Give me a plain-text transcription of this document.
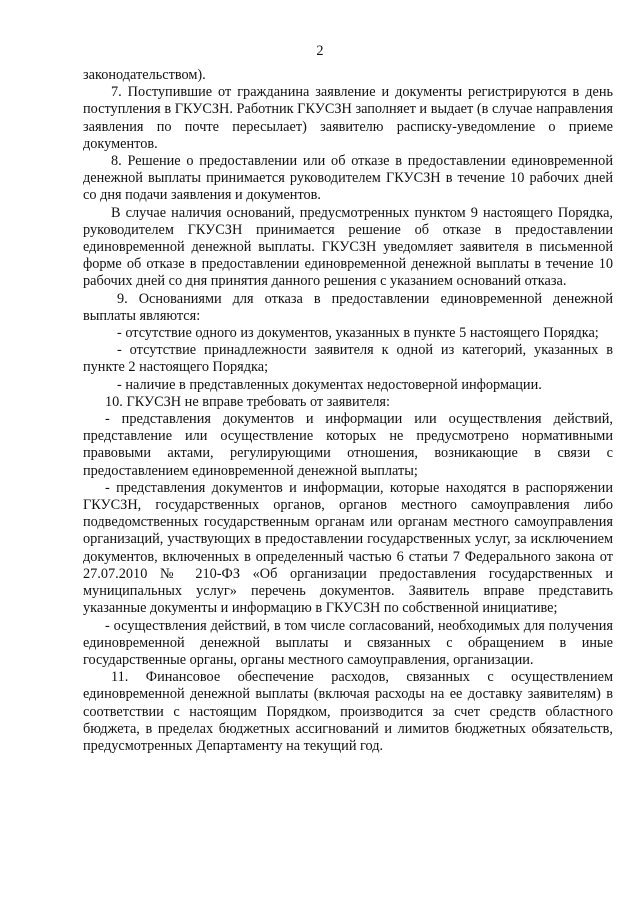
2

законодательством).

7. Поступившие от гражданина заявление и документы регистрируются в день поступления в ГКУСЗН. Работник ГКУСЗН заполняет и выдает (в случае направления заявления по почте пересылает) заявителю расписку-уведомление о приеме документов.

8. Решение о предоставлении или об отказе в предоставлении единовременной денежной выплаты принимается руководителем ГКУСЗН в течение 10 рабочих дней со дня подачи заявления и документов.

В случае наличия оснований, предусмотренных пунктом 9 настоящего Порядка, руководителем ГКУСЗН принимается решение об отказе в предоставлении единовременной денежной выплаты. ГКУСЗН уведомляет заявителя в письменной форме об отказе в предоставлении единовременной денежной выплаты в течение 10 рабочих дней со дня принятия данного решения с указанием оснований отказа.

9. Основаниями для отказа в предоставлении единовременной денежной выплаты являются:

- отсутствие одного из документов, указанных в пункте 5 настоящего Порядка;

- отсутствие принадлежности заявителя к одной из категорий, указанных в пункте 2 настоящего Порядка;

- наличие в представленных документах недостоверной информации.

10. ГКУСЗН не вправе требовать от заявителя:

- представления документов и информации или осуществления действий, представление или осуществление которых не предусмотрено нормативными правовыми актами, регулирующими отношения, возникающие в связи с предоставлением единовременной денежной выплаты;

- представления документов и информации, которые находятся в распоряжении ГКУСЗН, государственных органов, органов местного самоуправления либо подведомственных государственным органам или органам местного самоуправления организаций, участвующих в предоставлении государственных услуг, за исключением документов, включенных в определенный частью 6 статьи 7 Федерального закона от 27.07.2010 № 210-ФЗ «Об организации предоставления государственных и муниципальных услуг» перечень документов. Заявитель вправе представить указанные документы и информацию в ГКУСЗН по собственной инициативе;

- осуществления действий, в том числе согласований, необходимых для получения единовременной денежной выплаты и связанных с обращением в иные государственные органы, органы местного самоуправления, организации.

11. Финансовое обеспечение расходов, связанных с осуществлением единовременной денежной выплаты (включая расходы на ее доставку заявителям) в соответствии с настоящим Порядком, производится за счет средств областного бюджета, в пределах бюджетных ассигнований и лимитов бюджетных обязательств, предусмотренных Департаменту на текущий год.
